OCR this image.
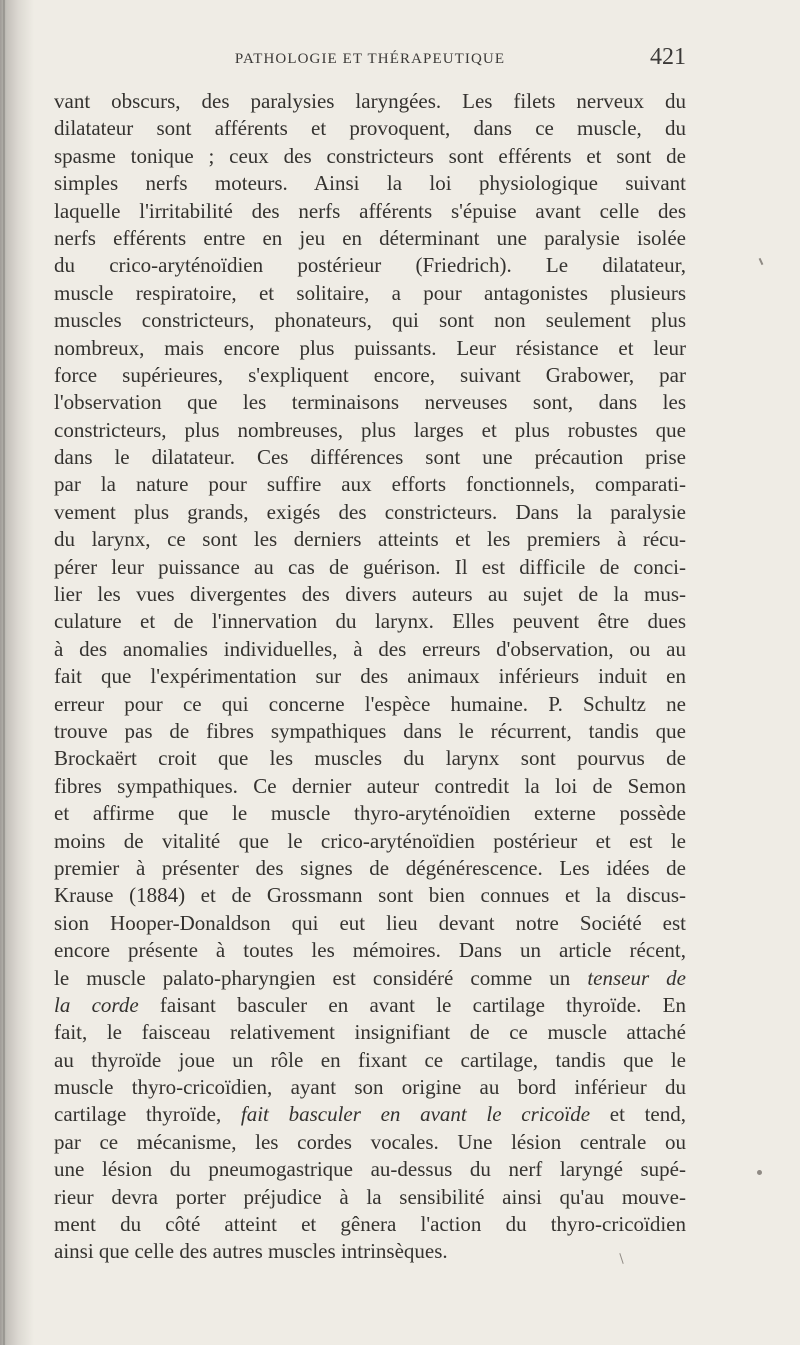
PATHOLOGIE ET THÉRAPEUTIQUE	421
vant obscurs, des paralysies laryngées. Les filets nerveux du
dilatateur sont afférents et provoquent, dans ce muscle, du
spasme tonique ; ceux des constricteurs sont efférents et sont de
simples nerfs moteurs. Ainsi la loi physiologique suivant
laquelle l'irritabilité des nerfs afférents s'épuise avant celle des
nerfs efférents entre en jeu en déterminant une paralysie isolée
du crico-aryténoïdien postérieur (Friedrich). Le dilatateur,
muscle respiratoire, et solitaire, a pour antagonistes plusieurs
muscles constricteurs, phonateurs, qui sont non seulement plus
nombreux, mais encore plus puissants. Leur résistance et leur
force supérieures, s'expliquent encore, suivant Grabower, par
l'observation que les terminaisons nerveuses sont, dans les
constricteurs, plus nombreuses, plus larges et plus robustes que
dans le dilatateur. Ces différences sont une précaution prise
par la nature pour suffire aux efforts fonctionnels, comparati-
vement plus grands, exigés des constricteurs. Dans la paralysie
du larynx, ce sont les derniers atteints et les premiers à récu-
pérer leur puissance au cas de guérison. Il est difficile de conci-
lier les vues divergentes des divers auteurs au sujet de la mus-
culature et de l'innervation du larynx. Elles peuvent être dues
à des anomalies individuelles, à des erreurs d'observation, ou au
fait que l'expérimentation sur des animaux inférieurs induit en
erreur pour ce qui concerne l'espèce humaine. P. Schultz ne
trouve pas de fibres sympathiques dans le récurrent, tandis que
Brockaërt croit que les muscles du larynx sont pourvus de
fibres sympathiques. Ce dernier auteur contredit la loi de Semon
et affirme que le muscle thyro-aryténoïdien externe possède
moins de vitalité que le crico-aryténoïdien postérieur et est le
premier à présenter des signes de dégénérescence. Les idées de
Krause (1884) et de Grossmann sont bien connues et la discus-
sion Hooper-Donaldson qui eut lieu devant notre Société est
encore présente à toutes les mémoires. Dans un article récent,
le muscle palato-pharyngien est considéré comme un tenseur de
la corde faisant basculer en avant le cartilage thyroïde. En
fait, le faisceau relativement insignifiant de ce muscle attaché
au thyroïde joue un rôle en fixant ce cartilage, tandis que le
muscle thyro-cricoïdien, ayant son origine au bord inférieur du
cartilage thyroïde, fait basculer en avant le cricoïde et tend,
par ce mécanisme, les cordes vocales. Une lésion centrale ou
une lésion du pneumogastrique au-dessus du nerf laryngé supé-
rieur devra porter préjudice à la sensibilité ainsi qu'au mouve-
ment du côté atteint et gênera l'action du thyro-cricoïdien
ainsi que celle des autres muscles intrinsèques.
